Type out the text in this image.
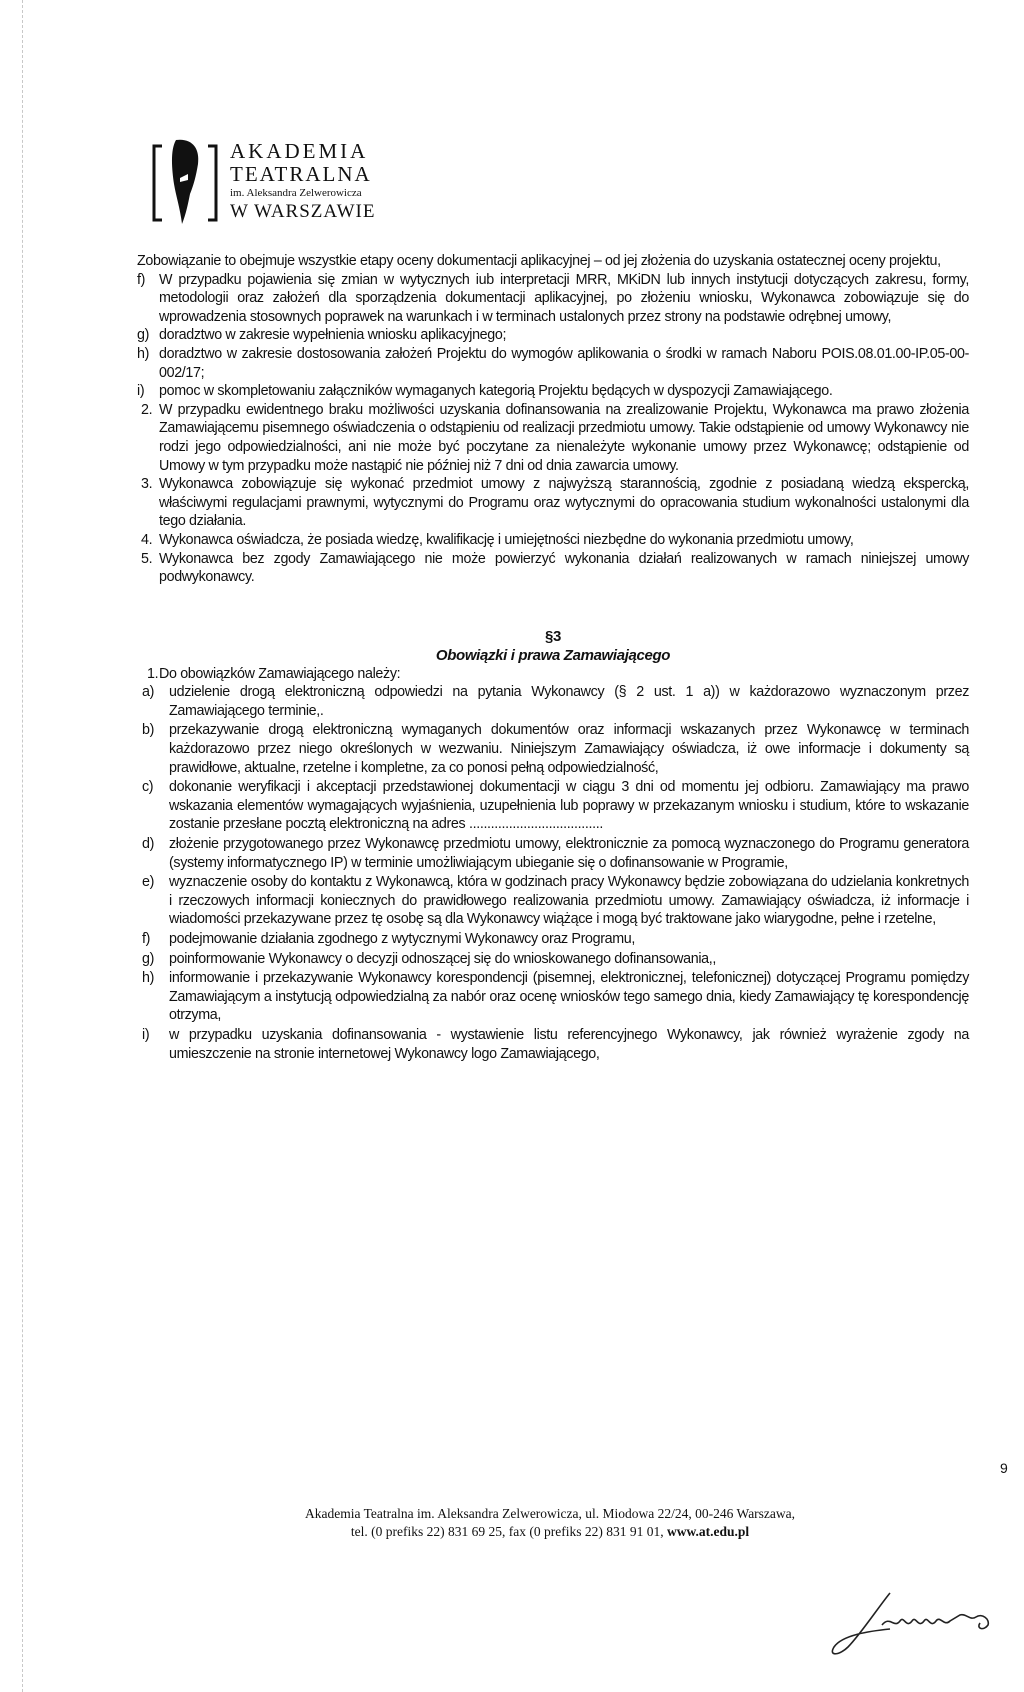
AKADEMIA
TEATRALNA
im. Aleksandra Zelwerowicza
W WARSZAWIE

Zobowiązanie to obejmuje wszystkie etapy oceny dokumentacji aplikacyjnej – od jej złożenia do uzyskania ostatecznej oceny projektu,

f) W przypadku pojawienia się zmian w wytycznych iub interpretacji MRR, MKiDN lub innych instytucji dotyczących zakresu, formy, metodologii oraz założeń dla sporządzenia dokumentacji aplikacyjnej, po złożeniu wniosku, Wykonawca zobowiązuje się do wprowadzenia stosownych poprawek na warunkach i w terminach ustalonych przez strony na podstawie odrębnej umowy,

g) doradztwo w zakresie wypełnienia wniosku aplikacyjnego;

h) doradztwo w zakresie dostosowania założeń Projektu do wymogów aplikowania o środki w ramach Naboru POIS.08.01.00-IP.05-00-002/17;

i) pomoc w skompletowaniu załączników wymaganych kategorią Projektu będących w dyspozycji Zamawiającego.

2. W przypadku ewidentnego braku możliwości uzyskania dofinansowania na zrealizowanie Projektu, Wykonawca ma prawo złożenia Zamawiającemu pisemnego oświadczenia o odstąpieniu od realizacji przedmiotu umowy. Takie odstąpienie od umowy Wykonawcy nie rodzi jego odpowiedzialności, ani nie może być poczytane za nienależyte wykonanie umowy przez Wykonawcę; odstąpienie od Umowy w tym przypadku może nastąpić nie później niż 7 dni od dnia zawarcia umowy.

3. Wykonawca zobowiązuje się wykonać przedmiot umowy z najwyższą starannością, zgodnie z posiadaną wiedzą ekspercką, właściwymi regulacjami prawnymi, wytycznymi do Programu oraz wytycznymi do opracowania studium wykonalności ustalonymi dla tego działania.

4. Wykonawca oświadcza, że posiada wiedzę, kwalifikację i umiejętności niezbędne do wykonania przedmiotu umowy,

5. Wykonawca bez zgody Zamawiającego nie może powierzyć wykonania działań realizowanych w ramach niniejszej umowy podwykonawcy.

§3
Obowiązki i prawa Zamawiającego

1. Do obowiązków Zamawiającego należy:

a) udzielenie drogą elektroniczną odpowiedzi na pytania Wykonawcy (§ 2 ust. 1 a)) w każdorazowo wyznaczonym przez Zamawiającego terminie,.

b) przekazywanie drogą elektroniczną wymaganych dokumentów oraz informacji wskazanych przez Wykonawcę w terminach każdorazowo przez niego określonych w wezwaniu. Niniejszym Zamawiający oświadcza, iż owe informacje i dokumenty są prawidłowe, aktualne, rzetelne i kompletne, za co ponosi pełną odpowiedzialność,

c) dokonanie weryfikacji i akceptacji przedstawionej dokumentacji w ciągu 3 dni od momentu jej odbioru. Zamawiający ma prawo wskazania elementów wymagających wyjaśnienia, uzupełnienia lub poprawy w przekazanym wniosku i studium, które to wskazanie zostanie przesłane pocztą elektroniczną na adres .....................................

d) złożenie przygotowanego przez Wykonawcę przedmiotu umowy, elektronicznie za pomocą wyznaczonego do Programu generatora (systemy informatycznego IP) w terminie umożliwiającym ubieganie się o dofinansowanie w Programie,

e) wyznaczenie osoby do kontaktu z Wykonawcą, która w godzinach pracy Wykonawcy będzie zobowiązana do udzielania konkretnych i rzeczowych informacji koniecznych do prawidłowego realizowania przedmiotu umowy. Zamawiający oświadcza, iż informacje i wiadomości przekazywane przez tę osobę są dla Wykonawcy wiążące i mogą być traktowane jako wiarygodne, pełne i rzetelne,

f) podejmowanie działania zgodnego z wytycznymi Wykonawcy oraz Programu,

g) poinformowanie Wykonawcy o decyzji odnoszącej się do wnioskowanego dofinansowania,,

h) informowanie i przekazywanie Wykonawcy korespondencji (pisemnej, elektronicznej, telefonicznej) dotyczącej Programu pomiędzy Zamawiającym a instytucją odpowiedzialną za nabór oraz ocenę wniosków tego samego dnia, kiedy Zamawiający tę korespondencję otrzyma,

i) w przypadku uzyskania dofinansowania - wystawienie listu referencyjnego Wykonawcy, jak również wyrażenie zgody na umieszczenie na stronie internetowej Wykonawcy logo Zamawiającego,

9
Akademia Teatralna im. Aleksandra Zelwerowicza, ul. Miodowa 22/24, 00-246 Warszawa,
tel. (0 prefiks 22) 831 69 25, fax (0 prefiks 22) 831 91 01, www.at.edu.pl
